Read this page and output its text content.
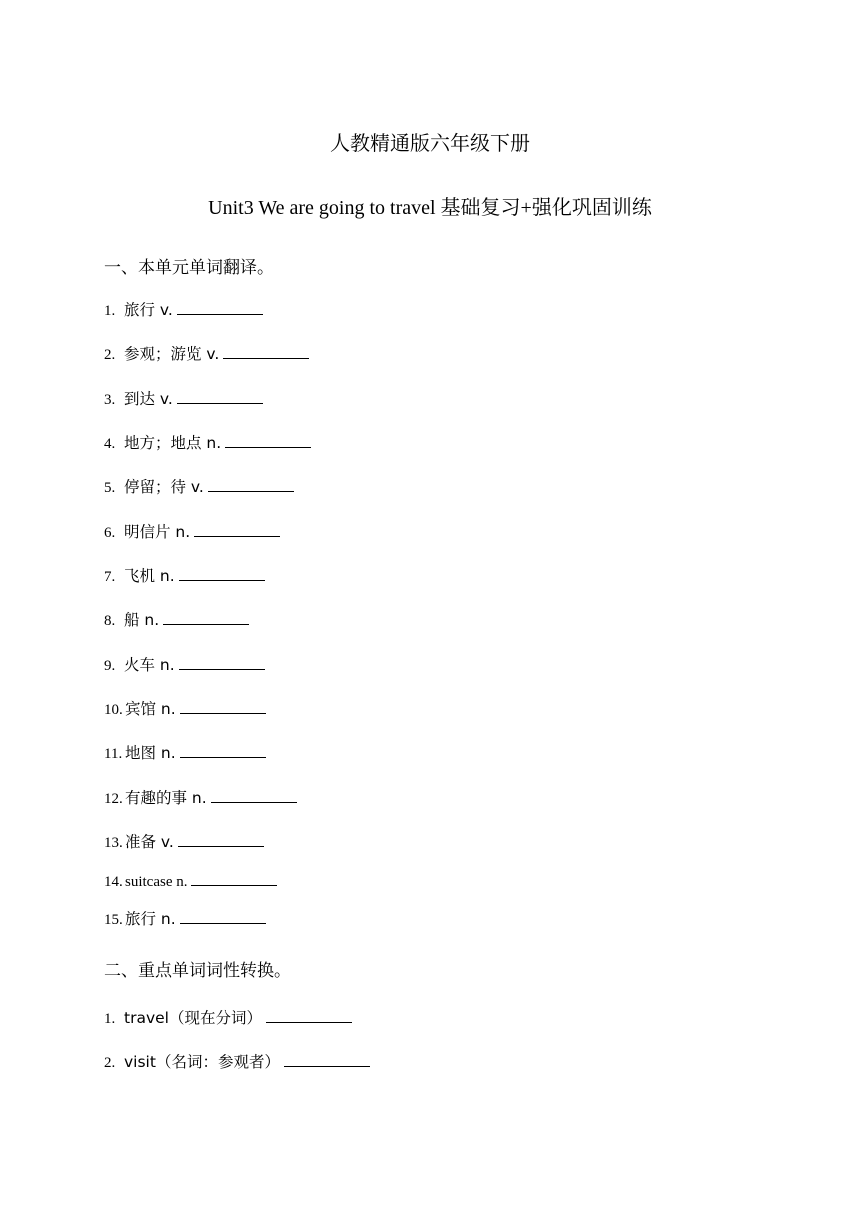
人教精通版六年级下册
Unit3 We are going to travel 基础复习+强化巩固训练
一、本单元单词翻译。
1. 旅行 v.
2. 参观；游览 v.
3. 到达 v.
4. 地方；地点 n.
5. 停留；待 v.
6. 明信片 n.
7. 飞机 n.
8. 船 n.
9. 火车 n.
10. 宾馆 n.
11. 地图 n.
12. 有趣的事 n.
13. 准备 v.
14. suitcase n.
15. 旅行 n.
二、重点单词词性转换。
1. travel（现在分词）
2. visit（名词：参观者）
